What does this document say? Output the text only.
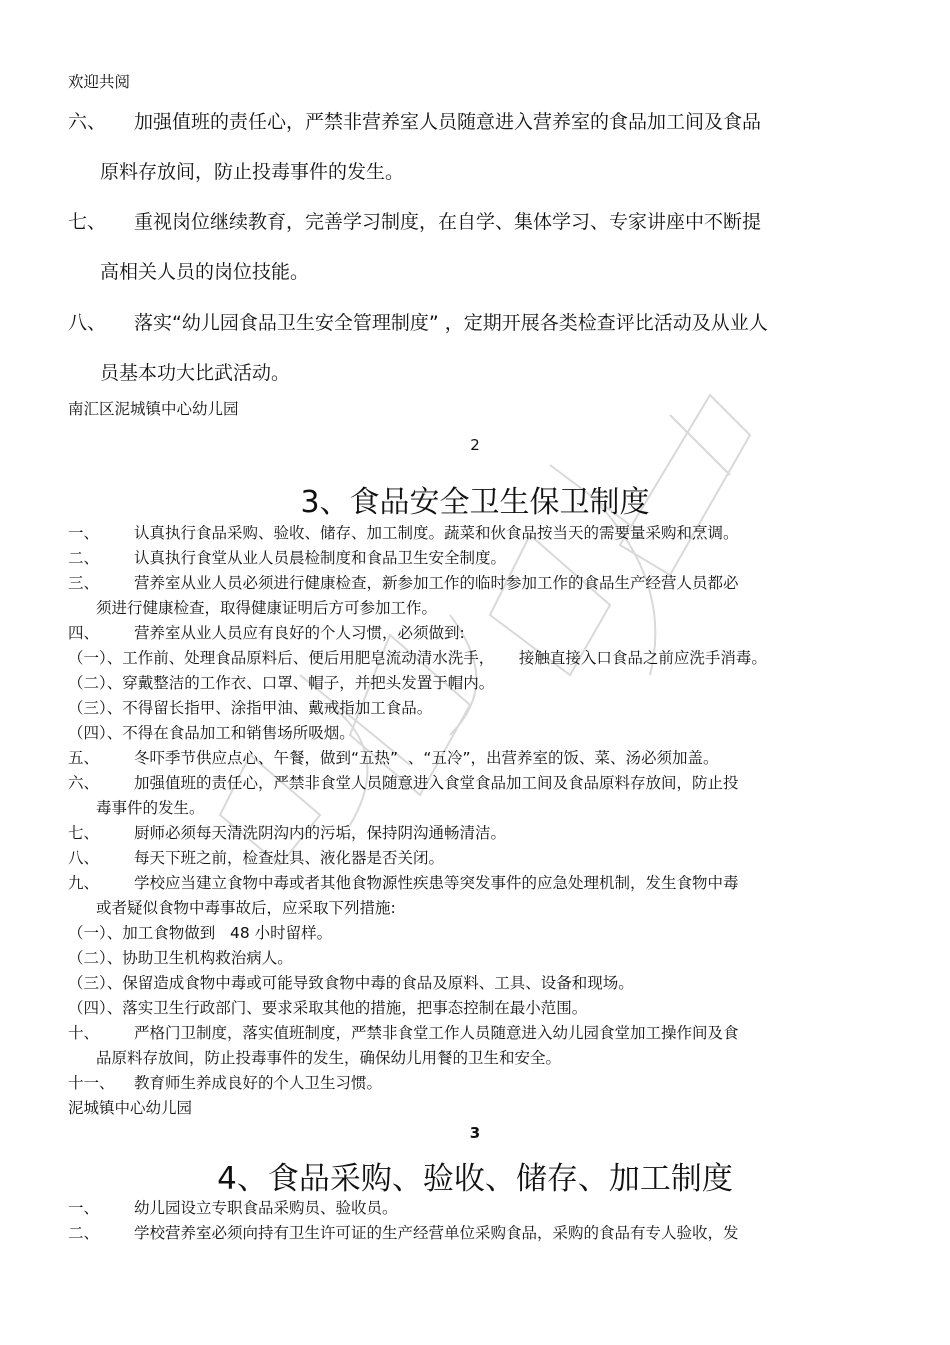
欢迎共阅
六、 加强值班的责任心，严禁非营养室人员随意进入营养室的食品加工间及食品
原料存放间，防止投毒事件的发生。
七、 重视岗位继续教育，完善学习制度，在自学、集体学习、专家讲座中不断提
高相关人员的岗位技能。
八、 落实“幼儿园食品卫生安全管理制度” ，定期开展各类检查评比活动及从业人
员基本功大比武活动。
南汇区泥城镇中心幼儿园
2
3、食品安全卫生保卫制度
一、 认真执行食品采购、验收、储存、加工制度。蔬菜和伙食品按当天的需要量采购和烹调。
二、 认真执行食堂从业人员晨检制度和食品卫生安全制度。
三、 营养室从业人员必须进行健康检查，新参加工作的临时参加工作的食品生产经营人员都必
须进行健康检查，取得健康证明后方可参加工作。
四、 营养室从业人员应有良好的个人习惯，必须做到:
（一）、工作前、处理食品原料后、便后用肥皂流动清水洗手，     接触直接入口食品之前应洗手消毒。
（二）、穿戴整洁的工作衣、口罩、帽子，并把头发置于帽内。
（三）、不得留长指甲、涂指甲油、戴戒指加工食品。
（四）、不得在食品加工和销售场所吸烟。
五、 冬吓季节供应点心、午餐，做到“五热”  、“五冷”，出营养室的饭、菜、汤必须加盖。
六、 加强值班的责任心，严禁非食堂人员随意进入食堂食品加工间及食品原料存放间，防止投
毒事件的发生。
七、 厨师必须每天清洗阴沟内的污垢，保持阴沟通畅清洁。
八、 每天下班之前，检查灶具、液化器是否关闭。
九、 学校应当建立食物中毒或者其他食物源性疾患等突发事件的应急处理机制，发生食物中毒
或者疑似食物中毒事故后，应采取下列措施:
（一）、加工食物做到   48 小时留样。
（二）、协助卫生机构救治病人。
（三）、保留造成食物中毒或可能导致食物中毒的食品及原料、工具、设备和现场。
（四）、落实卫生行政部门、要求采取其他的措施，把事态控制在最小范围。
十、 严格门卫制度，落实值班制度，严禁非食堂工作人员随意进入幼儿园食堂加工操作间及食
品原料存放间，防止投毒事件的发生，确保幼儿用餐的卫生和安全。
十一、 教育师生养成良好的个人卫生习惯。
泥城镇中心幼儿园
3
4、食品采购、验收、储存、加工制度
一、 幼儿园设立专职食品采购员、验收员。
二、 学校营养室必须向持有卫生许可证的生产经营单位采购食品，采购的食品有专人验收，发
